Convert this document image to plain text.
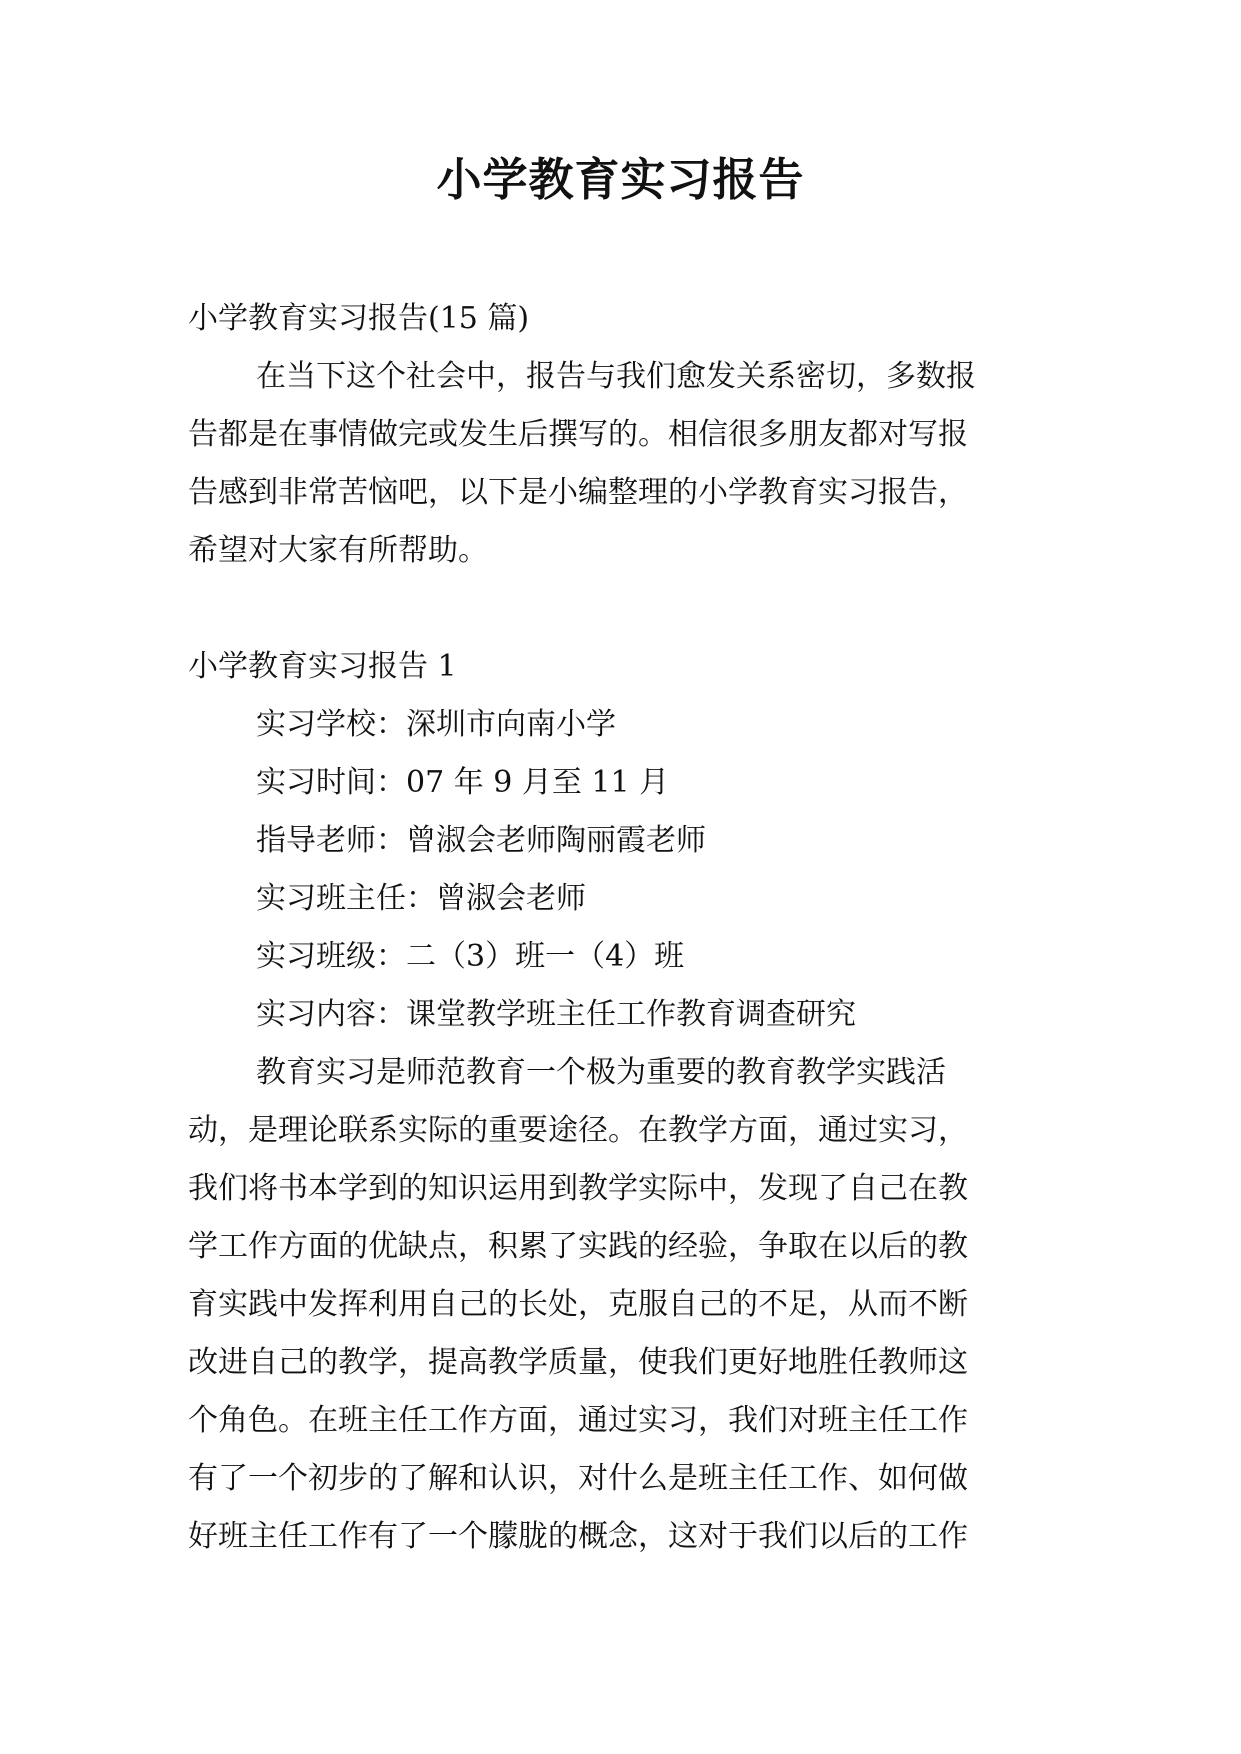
小学教育实习报告
小学教育实习报告(15 篇)
在当下这个社会中，报告与我们愈发关系密切，多数报
告都是在事情做完或发生后撰写的。相信很多朋友都对写报
告感到非常苦恼吧，以下是小编整理的小学教育实习报告，
希望对大家有所帮助。
小学教育实习报告 1
实习学校：深圳市向南小学
实习时间：07 年 9 月至 11 月
指导老师：曾淑会老师陶丽霞老师
实习班主任：曾淑会老师
实习班级：二（3）班一（4）班
实习内容：课堂教学班主任工作教育调查研究
教育实习是师范教育一个极为重要的教育教学实践活
动，是理论联系实际的重要途径。在教学方面，通过实习，
我们将书本学到的知识运用到教学实际中，发现了自己在教
学工作方面的优缺点，积累了实践的经验，争取在以后的教
育实践中发挥利用自己的长处，克服自己的不足，从而不断
改进自己的教学，提高教学质量，使我们更好地胜任教师这
个角色。在班主任工作方面，通过实习，我们对班主任工作
有了一个初步的了解和认识，对什么是班主任工作、如何做
好班主任工作有了一个朦胧的概念，这对于我们以后的工作
